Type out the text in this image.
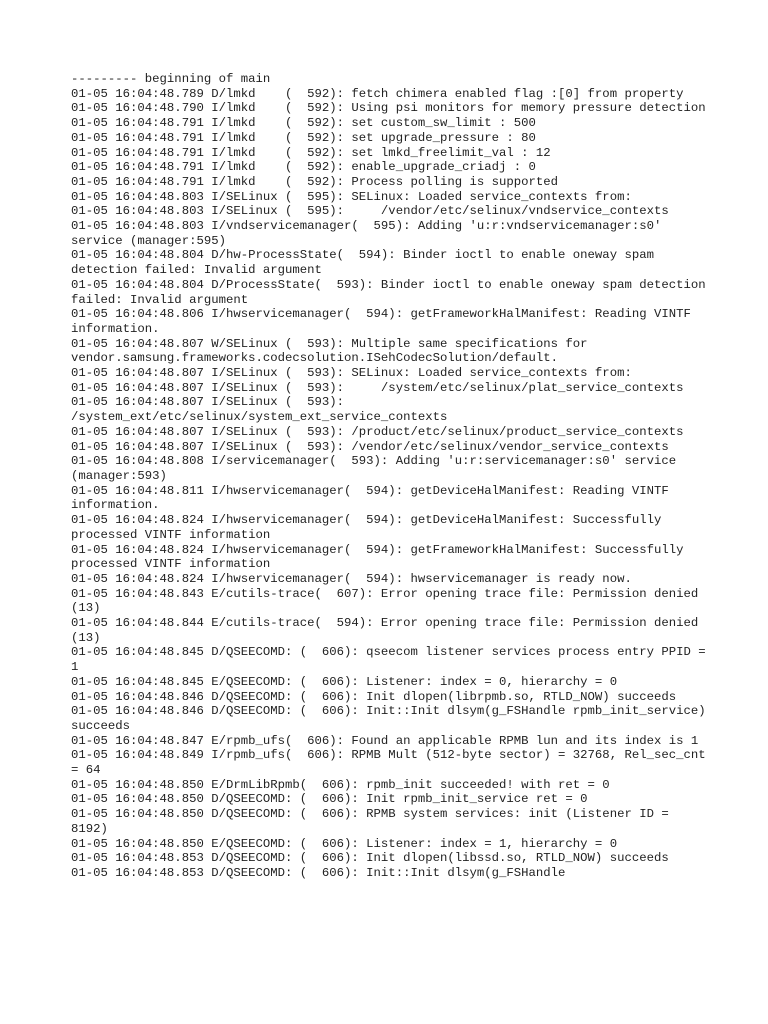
--------- beginning of main

01-05 16:04:48.789 D/lmkd    (  592): fetch chimera enabled flag :[0] from property

01-05 16:04:48.790 I/lmkd    (  592): Using psi monitors for memory pressure detection

01-05 16:04:48.791 I/lmkd    (  592): set custom_sw_limit : 500

01-05 16:04:48.791 I/lmkd    (  592): set upgrade_pressure : 80

01-05 16:04:48.791 I/lmkd    (  592): set lmkd_freelimit_val : 12

01-05 16:04:48.791 I/lmkd    (  592): enable_upgrade_criadj : 0

01-05 16:04:48.791 I/lmkd    (  592): Process polling is supported

01-05 16:04:48.803 I/SELinux (  595): SELinux: Loaded service_contexts from:

01-05 16:04:48.803 I/SELinux (  595):     /vendor/etc/selinux/vndservice_contexts

01-05 16:04:48.803 I/vndservicemanager(  595): Adding 'u:r:vndservicemanager:s0' service (manager:595)

01-05 16:04:48.804 D/hw-ProcessState(  594): Binder ioctl to enable oneway spam detection failed: Invalid argument

01-05 16:04:48.804 D/ProcessState(  593): Binder ioctl to enable oneway spam detection failed: Invalid argument

01-05 16:04:48.806 I/hwservicemanager(  594): getFrameworkHalManifest: Reading VINTF information.

01-05 16:04:48.807 W/SELinux (  593): Multiple same specifications for vendor.samsung.frameworks.codecsolution.ISehCodecSolution/default.

01-05 16:04:48.807 I/SELinux (  593): SELinux: Loaded service_contexts from:

01-05 16:04:48.807 I/SELinux (  593):     /system/etc/selinux/plat_service_contexts

01-05 16:04:48.807 I/SELinux (  593): /system_ext/etc/selinux/system_ext_service_contexts

01-05 16:04:48.807 I/SELinux (  593): /product/etc/selinux/product_service_contexts

01-05 16:04:48.807 I/SELinux (  593): /vendor/etc/selinux/vendor_service_contexts

01-05 16:04:48.808 I/servicemanager(  593): Adding 'u:r:servicemanager:s0' service (manager:593)

01-05 16:04:48.811 I/hwservicemanager(  594): getDeviceHalManifest: Reading VINTF information.

01-05 16:04:48.824 I/hwservicemanager(  594): getDeviceHalManifest: Successfully processed VINTF information

01-05 16:04:48.824 I/hwservicemanager(  594): getFrameworkHalManifest: Successfully processed VINTF information

01-05 16:04:48.824 I/hwservicemanager(  594): hwservicemanager is ready now.

01-05 16:04:48.843 E/cutils-trace(  607): Error opening trace file: Permission denied (13)

01-05 16:04:48.844 E/cutils-trace(  594): Error opening trace file: Permission denied (13)

01-05 16:04:48.845 D/QSEECOMD: (  606): qseecom listener services process entry PPID = 1

01-05 16:04:48.845 E/QSEECOMD: (  606): Listener: index = 0, hierarchy = 0

01-05 16:04:48.846 D/QSEECOMD: (  606): Init dlopen(librpmb.so, RTLD_NOW) succeeds

01-05 16:04:48.846 D/QSEECOMD: (  606): Init::Init dlsym(g_FSHandle rpmb_init_service) succeeds

01-05 16:04:48.847 E/rpmb_ufs(  606): Found an applicable RPMB lun and its index is 1

01-05 16:04:48.849 I/rpmb_ufs(  606): RPMB Mult (512-byte sector) = 32768, Rel_sec_cnt = 64

01-05 16:04:48.850 E/DrmLibRpmb(  606): rpmb_init succeeded! with ret = 0

01-05 16:04:48.850 D/QSEECOMD: (  606): Init rpmb_init_service ret = 0

01-05 16:04:48.850 D/QSEECOMD: (  606): RPMB system services: init (Listener ID = 8192)

01-05 16:04:48.850 E/QSEECOMD: (  606): Listener: index = 1, hierarchy = 0

01-05 16:04:48.853 D/QSEECOMD: (  606): Init dlopen(libssd.so, RTLD_NOW) succeeds

01-05 16:04:48.853 D/QSEECOMD: (  606): Init::Init dlsym(g_FSHandle
